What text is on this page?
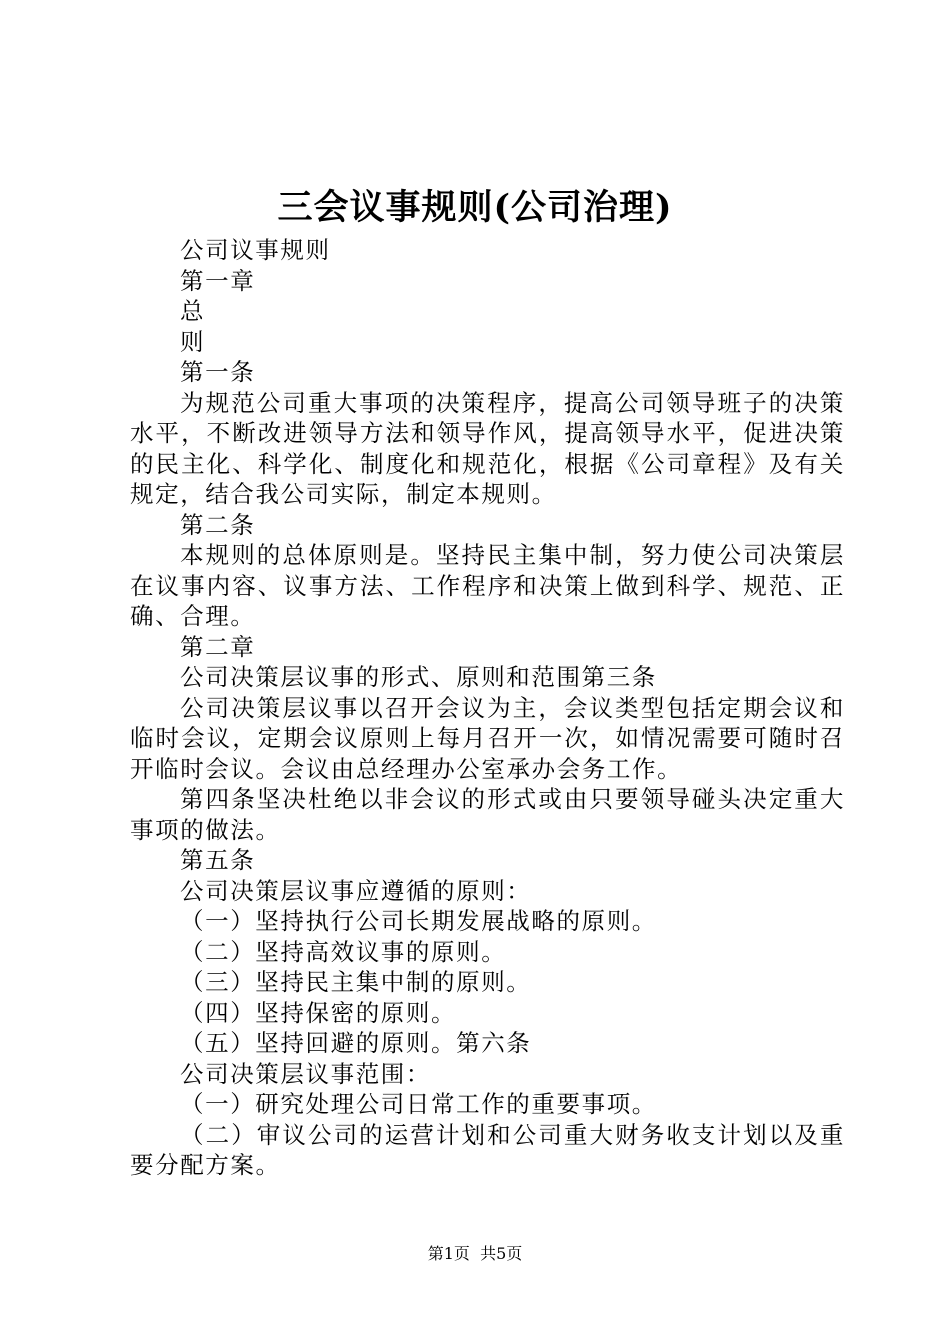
三会议事规则(公司治理)

公司议事规则

第一章

总

则

第一条

为规范公司重大事项的决策程序，提高公司领导班子的决策水平，不断改进领导方法和领导作风，提高领导水平，促进决策的民主化、科学化、制度化和规范化，根据《公司章程》及有关规定，结合我公司实际，制定本规则。

第二条

本规则的总体原则是。坚持民主集中制，努力使公司决策层在议事内容、议事方法、工作程序和决策上做到科学、规范、正确、合理。

第二章

公司决策层议事的形式、原则和范围第三条

公司决策层议事以召开会议为主，会议类型包括定期会议和临时会议，定期会议原则上每月召开一次，如情况需要可随时召开临时会议。会议由总经理办公室承办会务工作。

第四条坚决杜绝以非会议的形式或由只要领导碰头决定重大事项的做法。

第五条

公司决策层议事应遵循的原则：

（一）坚持执行公司长期发展战略的原则。

（二）坚持高效议事的原则。

（三）坚持民主集中制的原则。

（四）坚持保密的原则。

（五）坚持回避的原则。第六条

公司决策层议事范围：

（一）研究处理公司日常工作的重要事项。

（二）审议公司的运营计划和公司重大财务收支计划以及重要分配方案。

第1页 共5页
